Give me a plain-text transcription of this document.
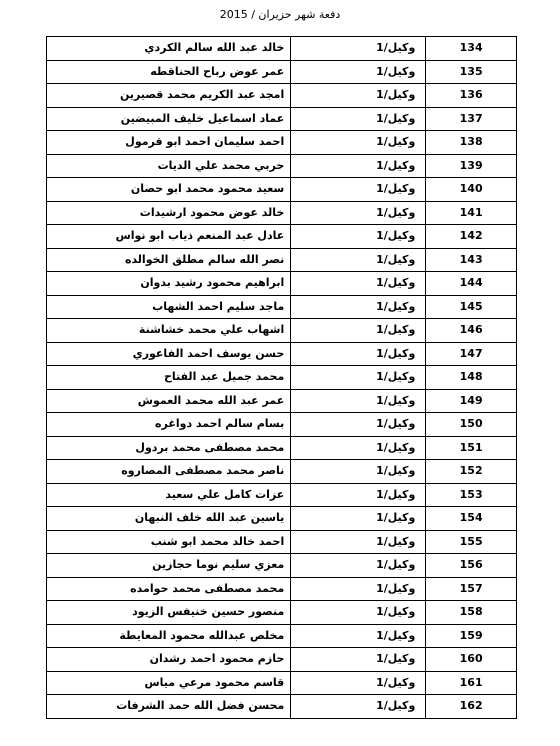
دفعة شهر حزيران / 2015
خالد عبد الله سالم الكردي	وكيل/1	134
عمر عوض رباح الحناقطه	وكيل/1	135
امجد عبد الكريم محمد قصيرين	وكيل/1	136
عماد اسماعيل خليف المبيضين	وكيل/1	137
احمد سليمان احمد ابو قرمول	وكيل/1	138
حربي محمد علي الديات	وكيل/1	139
سعيد محمود محمد ابو حصان	وكيل/1	140
خالد عوض محمود ارشيدات	وكيل/1	141
عادل عبد المنعم ذياب ابو نواس	وكيل/1	142
نصر الله سالم مطلق الخوالده	وكيل/1	143
ابراهيم محمود رشيد بدوان	وكيل/1	144
ماجد سليم احمد الشهاب	وكيل/1	145
اشهاب علي محمد خشاشنة	وكيل/1	146
حسن يوسف احمد الفاعوري	وكيل/1	147
محمد جميل عبد الفتاح	وكيل/1	148
عمر عبد الله محمد العموش	وكيل/1	149
بسام سالم احمد دواغره	وكيل/1	150
محمد مصطفى محمد بردول	وكيل/1	151
ناصر محمد مصطفى المصاروه	وكيل/1	152
عزات كامل علي سعيد	وكيل/1	153
ياسين عبد الله خلف النبهان	وكيل/1	154
احمد خالد محمد ابو شنب	وكيل/1	155
معزي سليم نوما حجازين	وكيل/1	156
محمد مصطفى محمد حوامده	وكيل/1	157
منصور حسين خنيفس الزيود	وكيل/1	158
مخلص عبدالله محمود المعايطة	وكيل/1	159
حازم محمود احمد رشدان	وكيل/1	160
قاسم محمود مرعي مياس	وكيل/1	161
محسن فضل الله حمد الشرفات	وكيل/1	162
